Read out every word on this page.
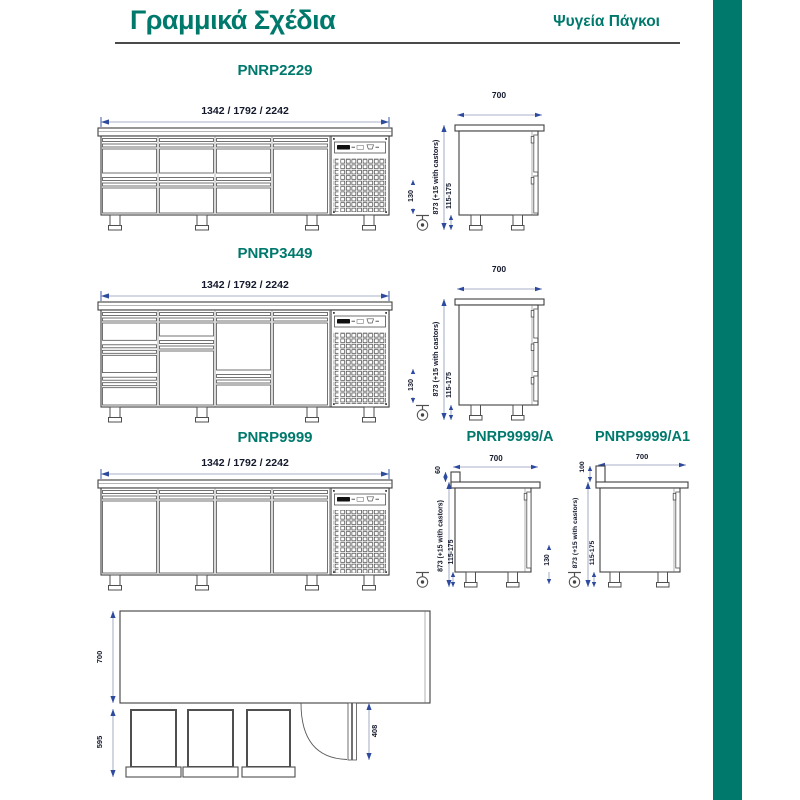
Γραμμικά Σχέδια	Ψυγεία Πάγκοι
PNRP2229
PNRP3449
PNRP9999	PNRP9999/A	PNRP9999/A1
1342 / 1792 / 2242
700
873 (+15 with castors) 115-175
130
1342 / 1792 / 2242
700
873 (+15 with castors) 115-175
130
1342 / 1792 / 2242	700
60
873 (+15 with castors) 115-175	130
700
100
873 (+15 with castors) 115-175
700
595
408
